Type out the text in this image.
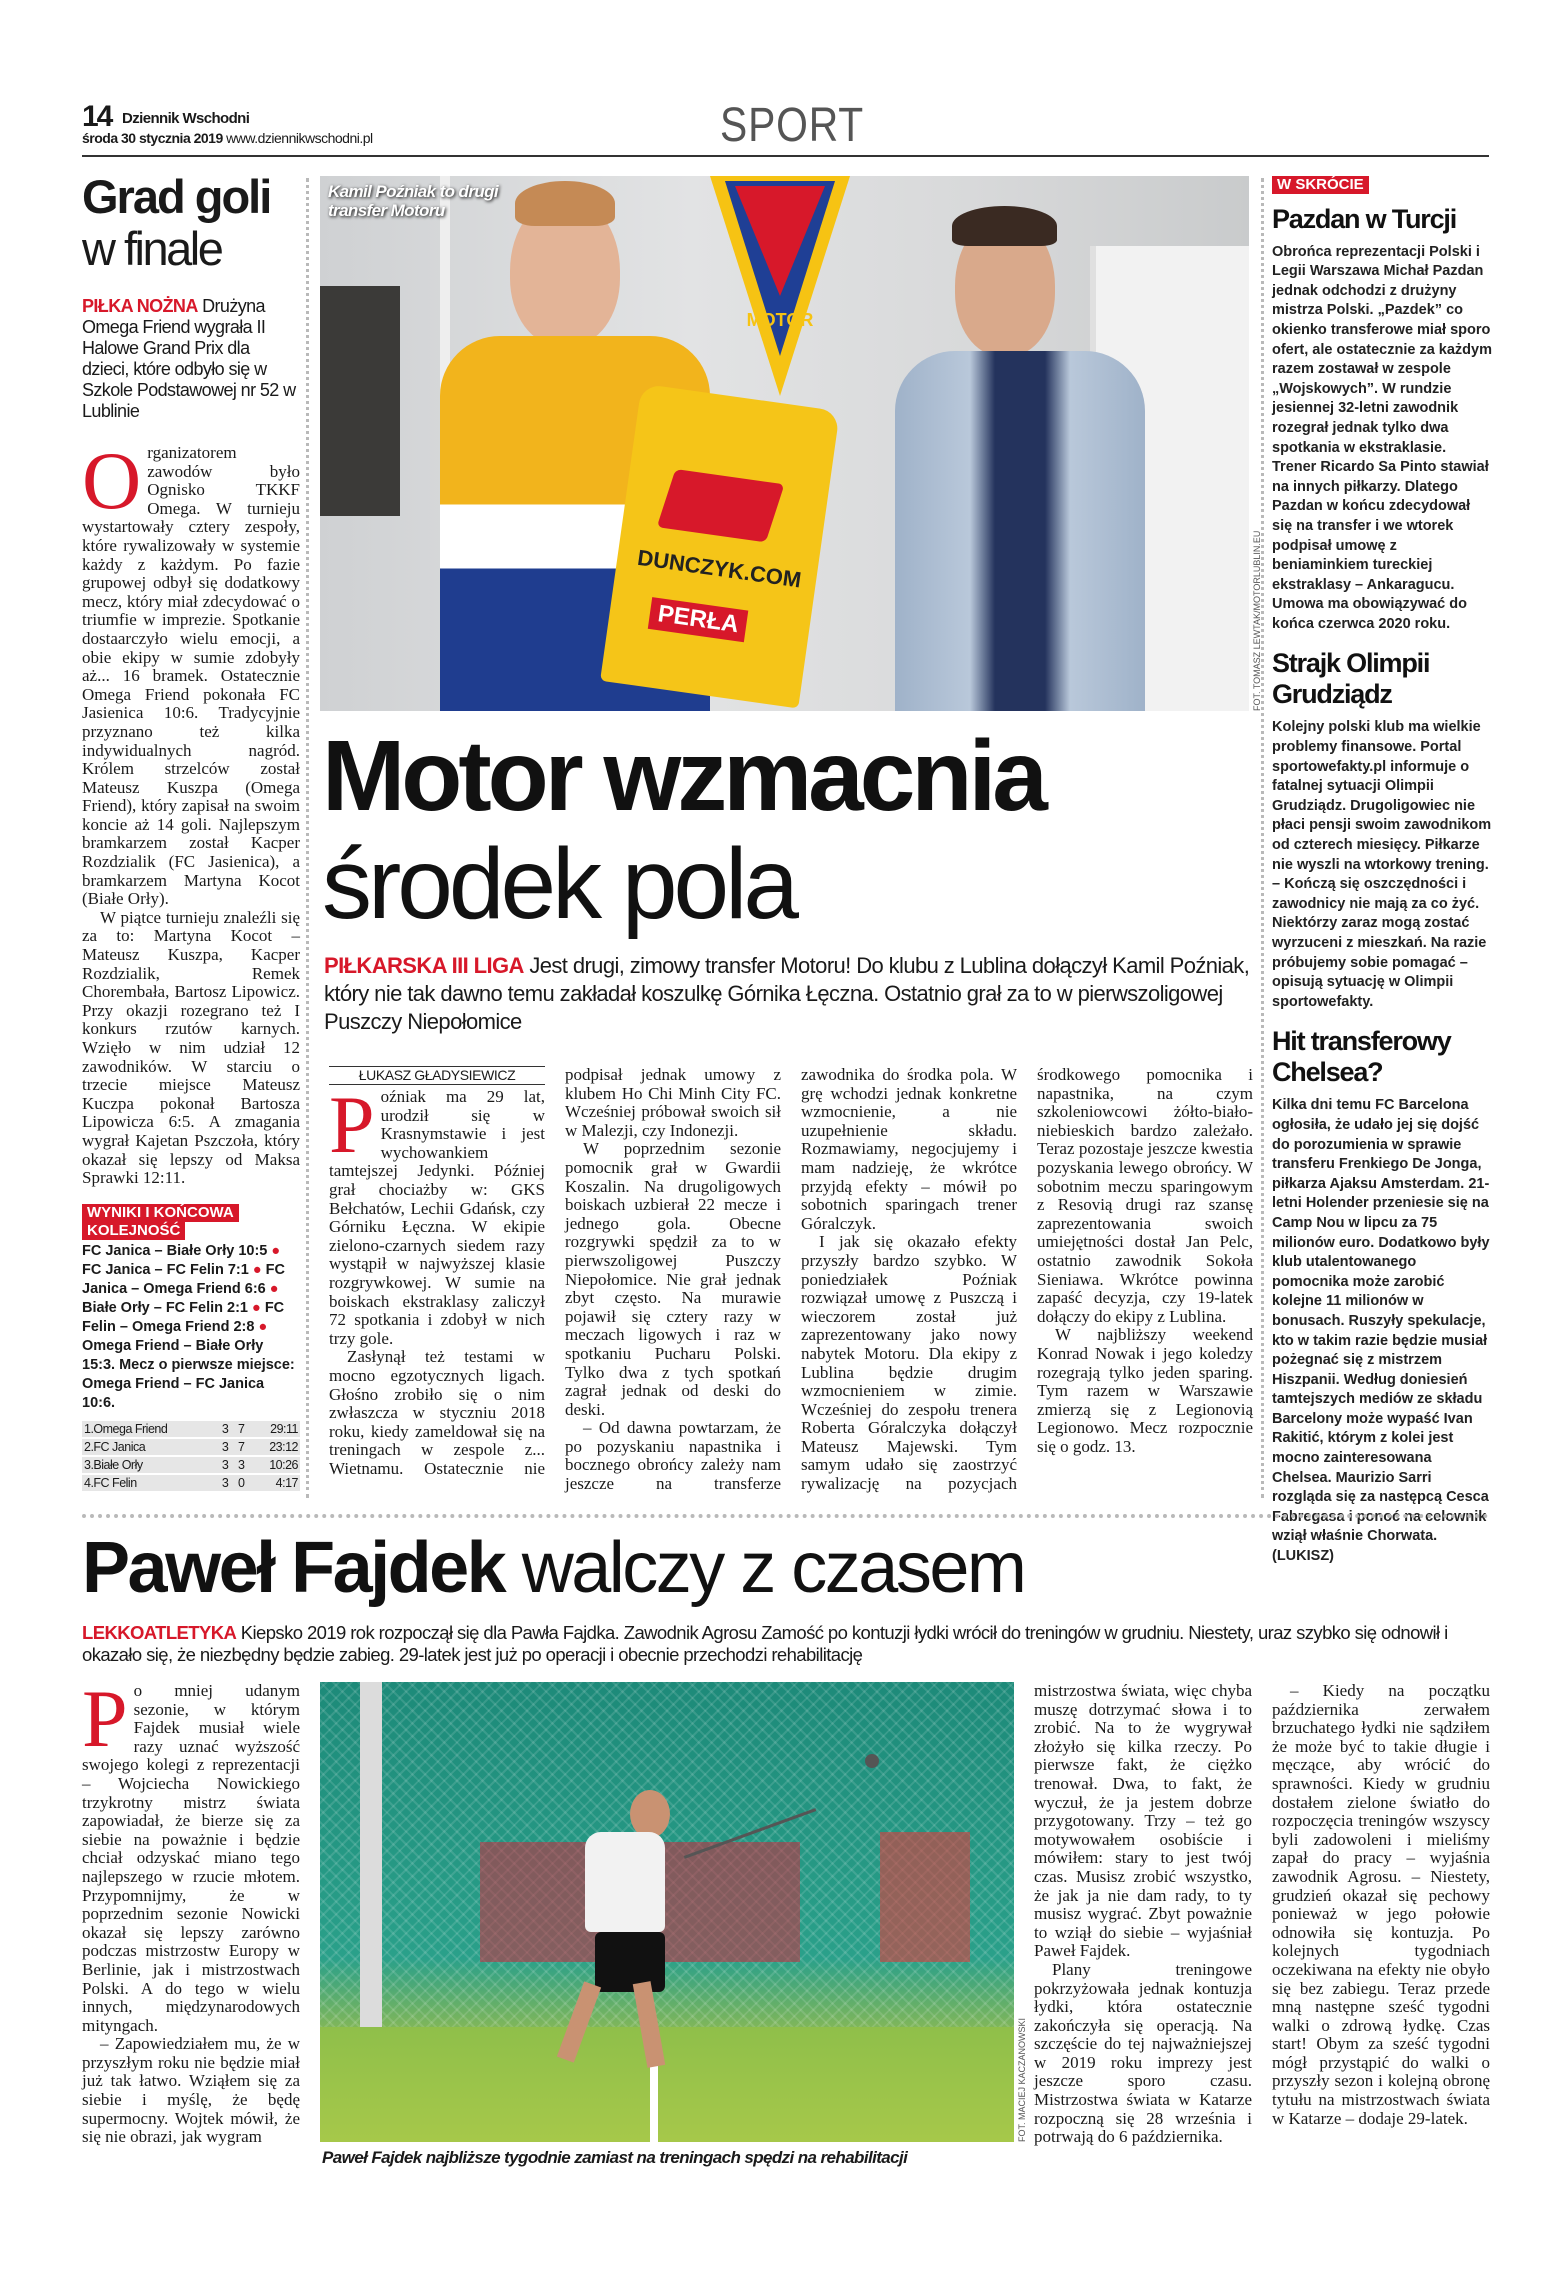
14 Dziennik Wschodni
środa 30 stycznia 2019 www.dziennikwschodni.pl	SPORT
Grad goli
w finale
PIŁKA NOŻNA Drużyna Omega Friend wygrała II Halowe Grand Prix dla dzieci, które odbyło się w Szkole Podstawowej nr 52 w Lublinie

Organizatorem zawodów było Ognisko TKKF Omega. W turnieju wystartowały cztery zespoły, które rywalizowały w systemie każdy z każdym. Po fazie grupowej odbył się dodatkowy mecz, który miał zdecydować o triumfie w imprezie. Spotkanie dostaarczyło wielu emocji, a obie ekipy w sumie zdobyły aż... 16 bramek. Ostatecznie Omega Friend pokonała FC Jasienica 10:6. Tradycyjnie przyznano też kilka indywidualnych nagród. Królem strzelców został Mateusz Kuszpa (Omega Friend), który zapisał na swoim koncie aż 14 goli. Najlepszym bramkarzem został Kacper Rozdzialik (FC Jasienica), a bramkarzem Martyna Kocot (Białe Orły).

W piątce turnieju znaleźli się za to: Martyna Kocot – Mateusz Kuszpa, Kacper Rozdzialik, Remek Chorembała, Bartosz Lipowicz. Przy okazji rozegrano też I konkurs rzutów karnych. Wzięło w nim udział 12 zawodników. W starciu o trzecie miejsce Mateusz Kuczpa pokonał Bartosza Lipowicza 6:5. A zmagania wygrał Kajetan Pszczoła, który okazał się lepszy od Maksa Sprawki 12:11.

WYNIKI I KOŃCOWA
KOLEJNOŚĆ
FC Janica – Białe Orły 10:5 ● FC Janica – FC Felin 7:1 ● FC Janica – Omega Friend 6:6 ● Białe Orły – FC Felin 2:1 ● FC Felin – Omega Friend 2:8 ● Omega Friend – Białe Orły 15:3. Mecz o pierwsze miejsce: Omega Friend – FC Janica 10:6.
1.Omega Friend	3	7	29:11
2.FC Janica	3	7	23:12
3.Białe Orły	3	3	10:26
4.FC Felin	3	0	4:17
MOTOR
DUNCZYK.COM
PERŁA
Kamil Poźniak to drugi
transfer Motoru
FOT. TOMASZ LEWTAK/MOTORLUBLIN.EU
Motor wzmacnia
środek pola
PIŁKARSKA III LIGA Jest drugi, zimowy transfer Motoru! Do klubu z Lublina dołączył Kamil Poźniak, który nie tak dawno temu zakładał koszulkę Górnika Łęczna. Ostatnio grał za to w pierwszoligowej Puszczy Niepołomice
ŁUKASZ GŁADYSIEWICZ

Poźniak ma 29 lat, urodził się w Krasnymstawie i jest wychowankiem tamtejszej Jedynki. Później grał chociażby w: GKS Bełchatów, Lechii Gdańsk, czy Górniku Łęczna. W ekipie zielono-czarnych siedem razy wystąpił w najwyższej klasie rozgrywkowej. W sumie na boiskach ekstraklasy zaliczył 72 spotkania i zdobył w nich trzy gole.

Zasłynął też testami w mocno egzotycznych ligach. Głośno zrobiło się o nim zwłaszcza w styczniu 2018 roku, kiedy zameldował się na treningach w zespole z... Wietnamu. Ostatecznie nie podpisał jednak umowy z klubem Ho Chi Minh City FC. Wcześniej próbował swoich sił w Malezji, czy Indonezji.

W poprzednim sezonie pomocnik grał w Gwardii Koszalin. Na drugoligowych boiskach uzbierał 22 mecze i jednego gola. Obecne rozgrywki spędził za to w pierwszoligowej Puszczy Niepołomice. Nie grał jednak zbyt często. Na murawie pojawił się cztery razy w meczach ligowych i raz w spotkaniu Pucharu Polski. Tylko dwa z tych spotkań zagrał jednak od deski do deski.

– Od dawna powtarzam, że po pozyskaniu napastnika i bocznego obrońcy zależy nam jeszcze na transferze zawodnika do środka pola. W grę wchodzi jednak konkretne wzmocnienie, a nie uzupełnienie składu. Rozmawiamy, negocjujemy i mam nadzieję, że wkrótce przyjdą efekty – mówił po sobotnich sparingach trener Góralczyk.

I jak się okazało efekty przyszły bardzo szybko. W poniedziałek Poźniak rozwiązał umowę z Puszczą i wieczorem został już zaprezentowany jako nowy nabytek Motoru. Dla ekipy z Lublina będzie drugim wzmocnieniem w zimie. Wcześniej do zespołu trenera Roberta Góralczyka dołączył Mateusz Majewski. Tym samym udało się zaostrzyć rywalizację na pozycjach środkowego pomocnika i napastnika, na czym szkoleniowcowi żółto-biało-niebieskich bardzo zależało. Teraz pozostaje jeszcze kwestia pozyskania lewego obrońcy. W sobotnim meczu sparingowym z Resovią drugi raz szansę zaprezentowania swoich umiejętności dostał Jan Pelc, ostatnio zawodnik Sokoła Sieniawa. Wkrótce powinna zapaść decyzja, czy 19-latek dołączy do ekipy z Lublina.

W najbliższy weekend Konrad Nowak i jego koledzy rozegrają tylko jeden sparing. Tym razem w Warszawie zmierzą się z Legionovią Legionowo. Mecz rozpocznie się o godz. 13.

W SKRÓCIE
Pazdan w Turcji
Obrońca reprezentacji Polski i Legii Warszawa Michał Pazdan jednak odchodzi z drużyny mistrza Polski. „Pazdek” co okienko transferowe miał sporo ofert, ale ostatecznie za każdym razem zostawał w zespole „Wojskowych”. W rundzie jesiennej 32-letni zawodnik rozegrał jednak tylko dwa spotkania w ekstraklasie. Trener Ricardo Sa Pinto stawiał na innych piłkarzy. Dlatego Pazdan w końcu zdecydował się na transfer i we wtorek podpisał umowę z beniaminkiem tureckiej ekstraklasy – Ankaragucu. Umowa ma obowiązywać do końca czerwca 2020 roku.
Strajk Olimpii Grudziądz
Kolejny polski klub ma wielkie problemy finansowe. Portal sportowefakty.pl informuje o fatalnej sytuacji Olimpii Grudziądz. Drugoligowiec nie płaci pensji swoim zawodnikom od czterech miesięcy. Piłkarze nie wyszli na wtorkowy trening. – Kończą się oszczędności i zawodnicy nie mają za co żyć. Niektórzy zaraz mogą zostać wyrzuceni z mieszkań. Na razie próbujemy sobie pomagać – opisują sytuację w Olimpii sportowefakty.
Hit transferowy Chelsea?
Kilka dni temu FC Barcelona ogłosiła, że udało jej się dojść do porozumienia w sprawie transferu Frenkiego De Jonga, piłkarza Ajaksu Amsterdam. 21-letni Holender przeniesie się na Camp Nou w lipcu za 75 milionów euro. Dodatkowo były klub utalentowanego pomocnika może zarobić kolejne 11 milionów w bonusach. Ruszyły spekulacje, kto w takim razie będzie musiał pożegnać się z mistrzem Hiszpanii. Według doniesień tamtejszych mediów ze składu Barcelony może wypaść Ivan Rakitić, którym z kolei jest mocno zainteresowana Chelsea. Maurizio Sarri rozgląda się za następcą Cesca Fabregasa i ponoć na celownik wziął właśnie Chorwata. (LUKISZ)
Paweł Fajdek walczy z czasem
LEKKOATLETYKA Kiepsko 2019 rok rozpoczął się dla Pawła Fajdka. Zawodnik Agrosu Zamość po kontuzji łydki wrócił do treningów w grudniu. Niestety, uraz szybko się odnowił i okazało się, że niezbędny będzie zabieg. 29-latek jest już po operacji i obecnie przechodzi rehabilitację

Po mniej udanym sezonie, w którym Fajdek musiał wiele razy uznać wyższość swojego kolegi z reprezentacji – Wojciecha Nowickiego trzykrotny mistrz świata zapowiadał, że bierze się za siebie na poważnie i będzie chciał odzyskać miano tego najlepszego w rzucie młotem. Przypomnijmy, że w poprzednim sezonie Nowicki okazał się lepszy zarówno podczas mistrzostw Europy w Berlinie, jak i mistrzostwach Polski. A do tego w wielu innych, międzynarodowych mityngach.

– Zapowiedziałem mu, że w przyszłym roku nie będzie miał już tak łatwo. Wziąłem się za siebie i myślę, że będę supermocny. Wojtek mówił, że się nie obrazi, jak wygram	FOT. MACIEJ KACZANOWSKI
Paweł Fajdek najbliższe tygodnie zamiast na treningach spędzi na rehabilitacji

mistrzostwa świata, więc chyba muszę dotrzymać słowa i to zrobić. Na to że wygrywał złożyło się kilka rzeczy. Po pierwsze fakt, że ciężko trenował. Dwa, to fakt, że wyczuł, że ja jestem dobrze przygotowany. Trzy – też go motywowałem osobiście i mówiłem: stary to jest twój czas. Musisz zrobić wszystko, że jak ja nie dam rady, to ty musisz wygrać. Zbyt poważnie to wziął do siebie – wyjaśniał Paweł Fajdek.

Plany treningowe pokrzyżowała jednak kontuzja łydki, która ostatecznie zakończyła się operacją. Na szczęście do tej najważniejszej w 2019 roku imprezy jest jeszcze sporo czasu. Mistrzostwa świata w Katarze rozpoczną się 28 września i potrwają do 6 października.

– Kiedy na początku października zerwałem brzuchatego łydki nie sądziłem że może być to takie długie i męczące, aby wrócić do sprawności. Kiedy w grudniu dostałem zielone światło do rozpoczęcia treningów wszyscy byli zadowoleni i mieliśmy zapał do pracy – wyjaśnia zawodnik Agrosu. – Niestety, grudzień okazał się pechowy ponieważ w jego połowie odnowiła się kontuzja. Po kolejnych tygodniach oczekiwana na efekty nie obyło się bez zabiegu. Teraz przede mną następne sześć tygodni walki o zdrową łydkę. Czas start! Obym za sześć tygodni mógł przystąpić do walki o przyszły sezon i kolejną obronę tytułu na mistrzostwach świata w Katarze – dodaje 29-latek.
